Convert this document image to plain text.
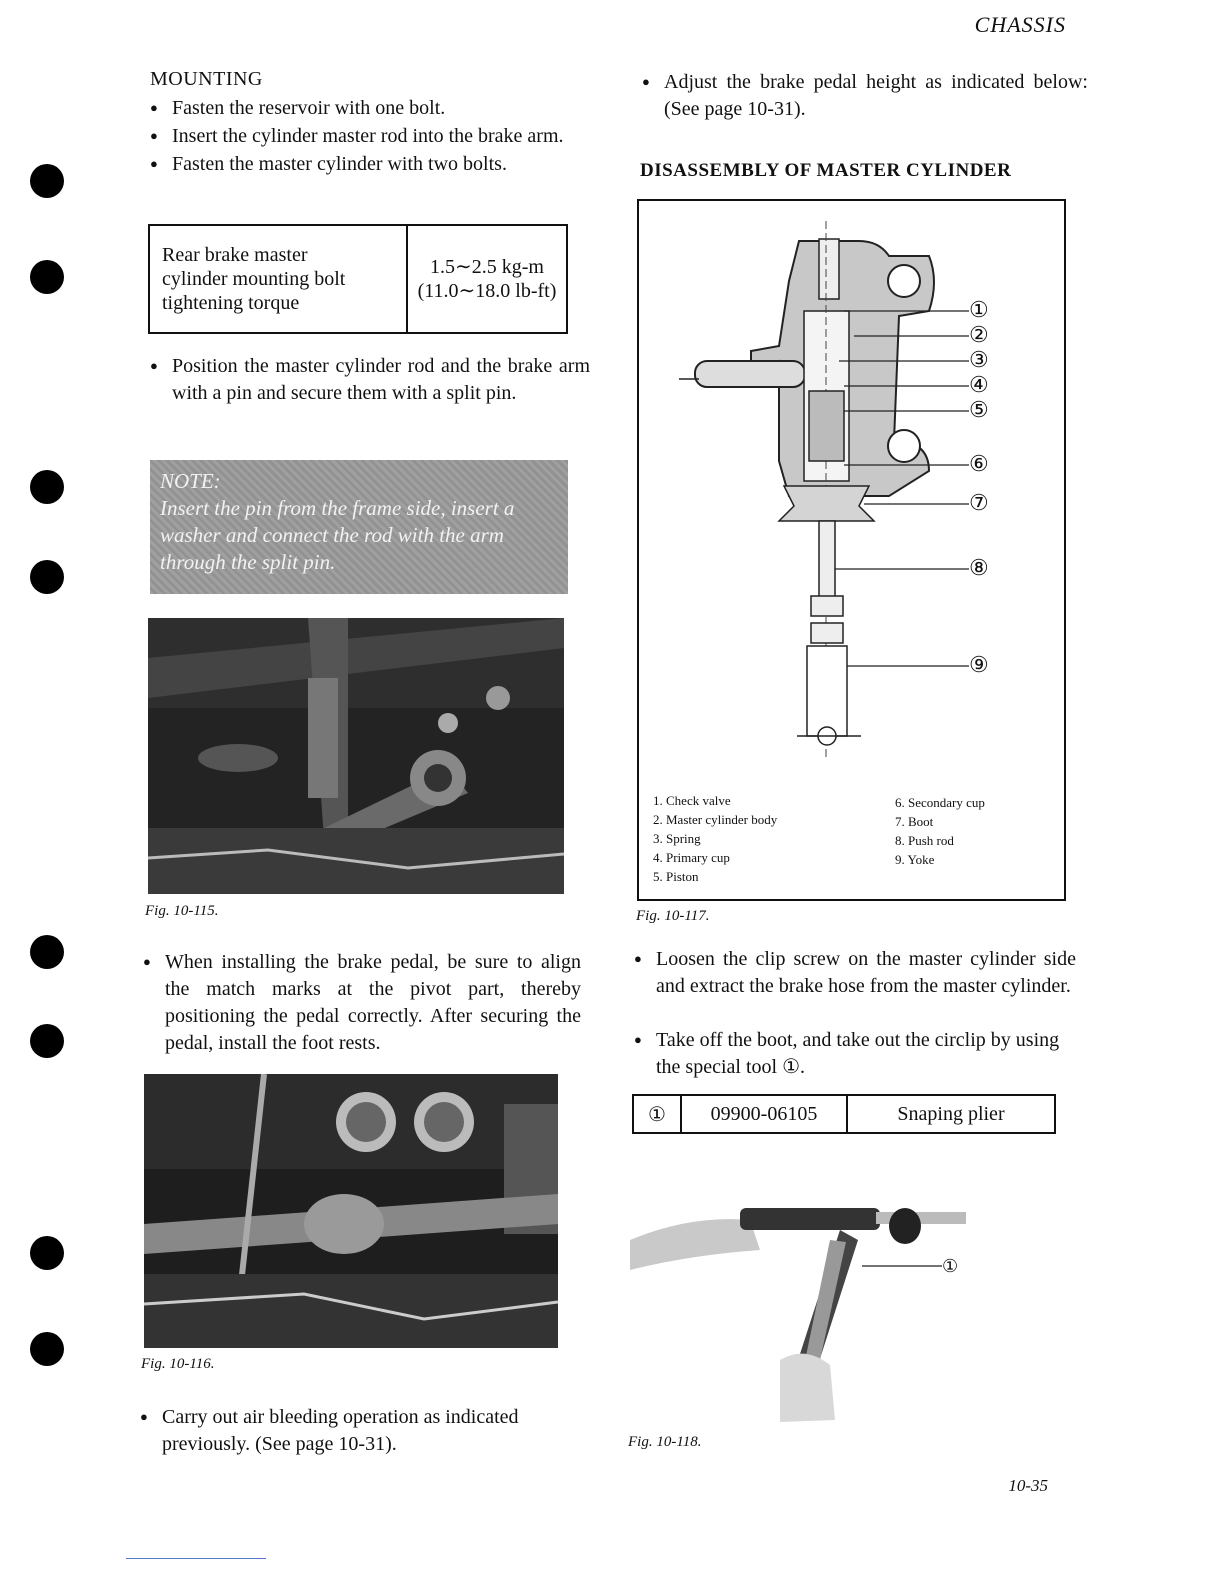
CHASSIS
MOUNTING
● Fasten the reservoir with one bolt.
● Insert the cylinder master rod into the brake arm.
● Fasten the master cylinder with two bolts.
Rear brake master
cylinder mounting bolt
tightening torque

1.5∼2.5 kg-m
(11.0∼18.0 lb-ft)
● Position the master cylinder rod and the brake arm with a pin and secure them with a split pin.
NOTE:
Insert the pin from the frame side, insert a washer and connect the rod with the arm through the split pin.
Fig. 10-115.
● When installing the brake pedal, be sure to align the match marks at the pivot part, thereby positioning the pedal correctly. After securing the pedal, install the foot rests.
Fig. 10-116.
● Carry out air bleeding operation as indicated previously. (See page 10-31).
● Adjust the brake pedal height as indicated below: (See page 10-31).
DISASSEMBLY OF MASTER CYLINDER
①
②
③
④
⑤
⑥
⑦
⑧
⑨
1. Check valve
2. Master cylinder body
3. Spring
4. Primary cup
5. Piston
6. Secondary cup
7. Boot
8. Push rod
9. Yoke
Fig. 10-117.
● Loosen the clip screw on the master cylinder side and extract the brake hose from the master cylinder.
● Take off the boot, and take out the circlip by using the special tool ①.
①	09900-06105	Snaping plier
①
Fig. 10-118.
10-35
